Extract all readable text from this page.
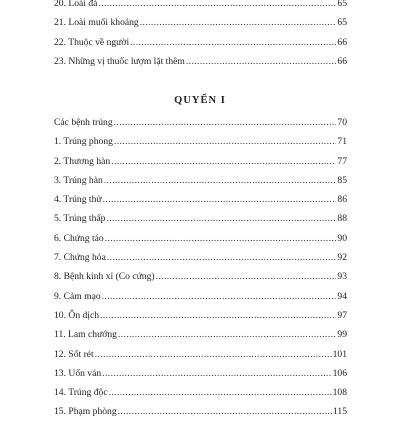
20. Loài đá .....	65
21. Loài muối khoáng .....	65
22. Thuộc về người .....	66
23. Những vị thuốc lượm lặt thêm .....	66
QUYỂN I
Các bệnh trúng .....	70
1. Trúng phong .....	71
2. Thương hàn .....	77
3. Trúng hàn .....	85
4. Trúng thử .....	86
5. Trúng thấp .....	88
6. Chứng táo .....	90
7. Chứng hỏa .....	92
8. Bệnh kinh xỉ (Co cứng) .....	93
9. Cảm mạo .....	94
10. Ôn dịch .....	97
11. Lam chướng .....	99
12. Sốt rét .....	101
13. Uốn ván .....	106
14. Trúng độc .....	108
15. Phạm phòng .....	115
